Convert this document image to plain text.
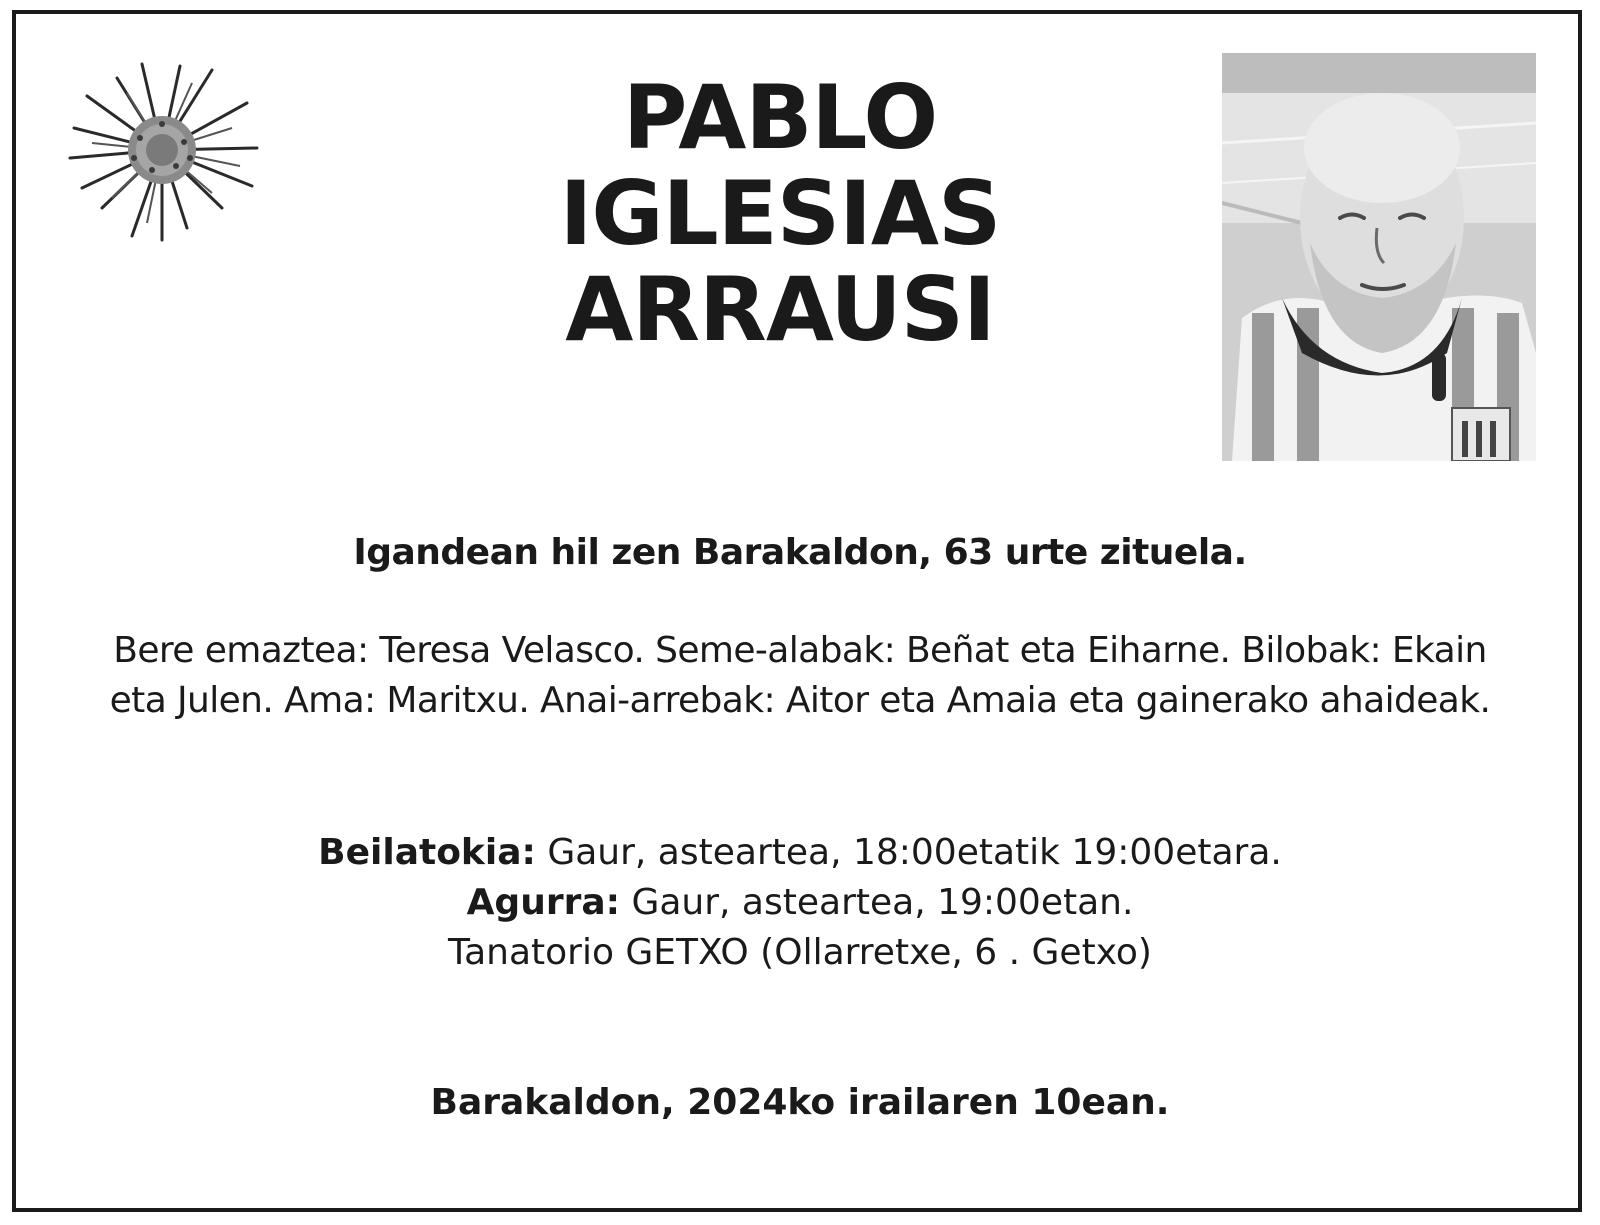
PABLO
IGLESIAS
ARRAUSI
Igandean hil zen Barakaldon, 63 urte zituela.
Bere emaztea: Teresa Velasco. Seme-alabak: Beñat eta Eiharne. Bilobak: Ekain
eta Julen. Ama: Maritxu. Anai-arrebak: Aitor eta Amaia eta gainerako ahaideak.
Beilatokia: Gaur, asteartea, 18:00etatik 19:00etara.
Agurra: Gaur, asteartea, 19:00etan.
Tanatorio GETXO (Ollarretxe, 6 . Getxo)
Barakaldon, 2024ko irailaren 10ean.
